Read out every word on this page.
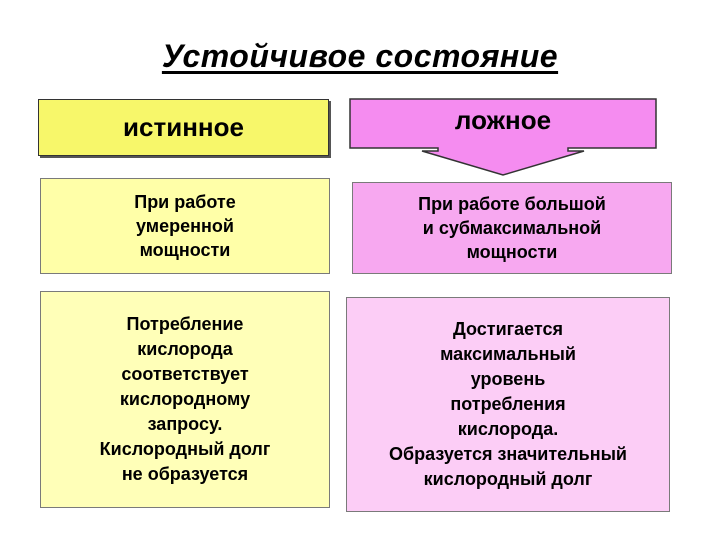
Устойчивое состояние
истинное	ложное
При работе
умеренной
мощности
При работе большой
и субмаксимальной
мощности
Потребление
кислорода
соответствует
кислородному
запросу.
Кислородный долг
не образуется
Достигается
максимальный
уровень
потребления
кислорода.
Образуется значительный
кислородный долг
